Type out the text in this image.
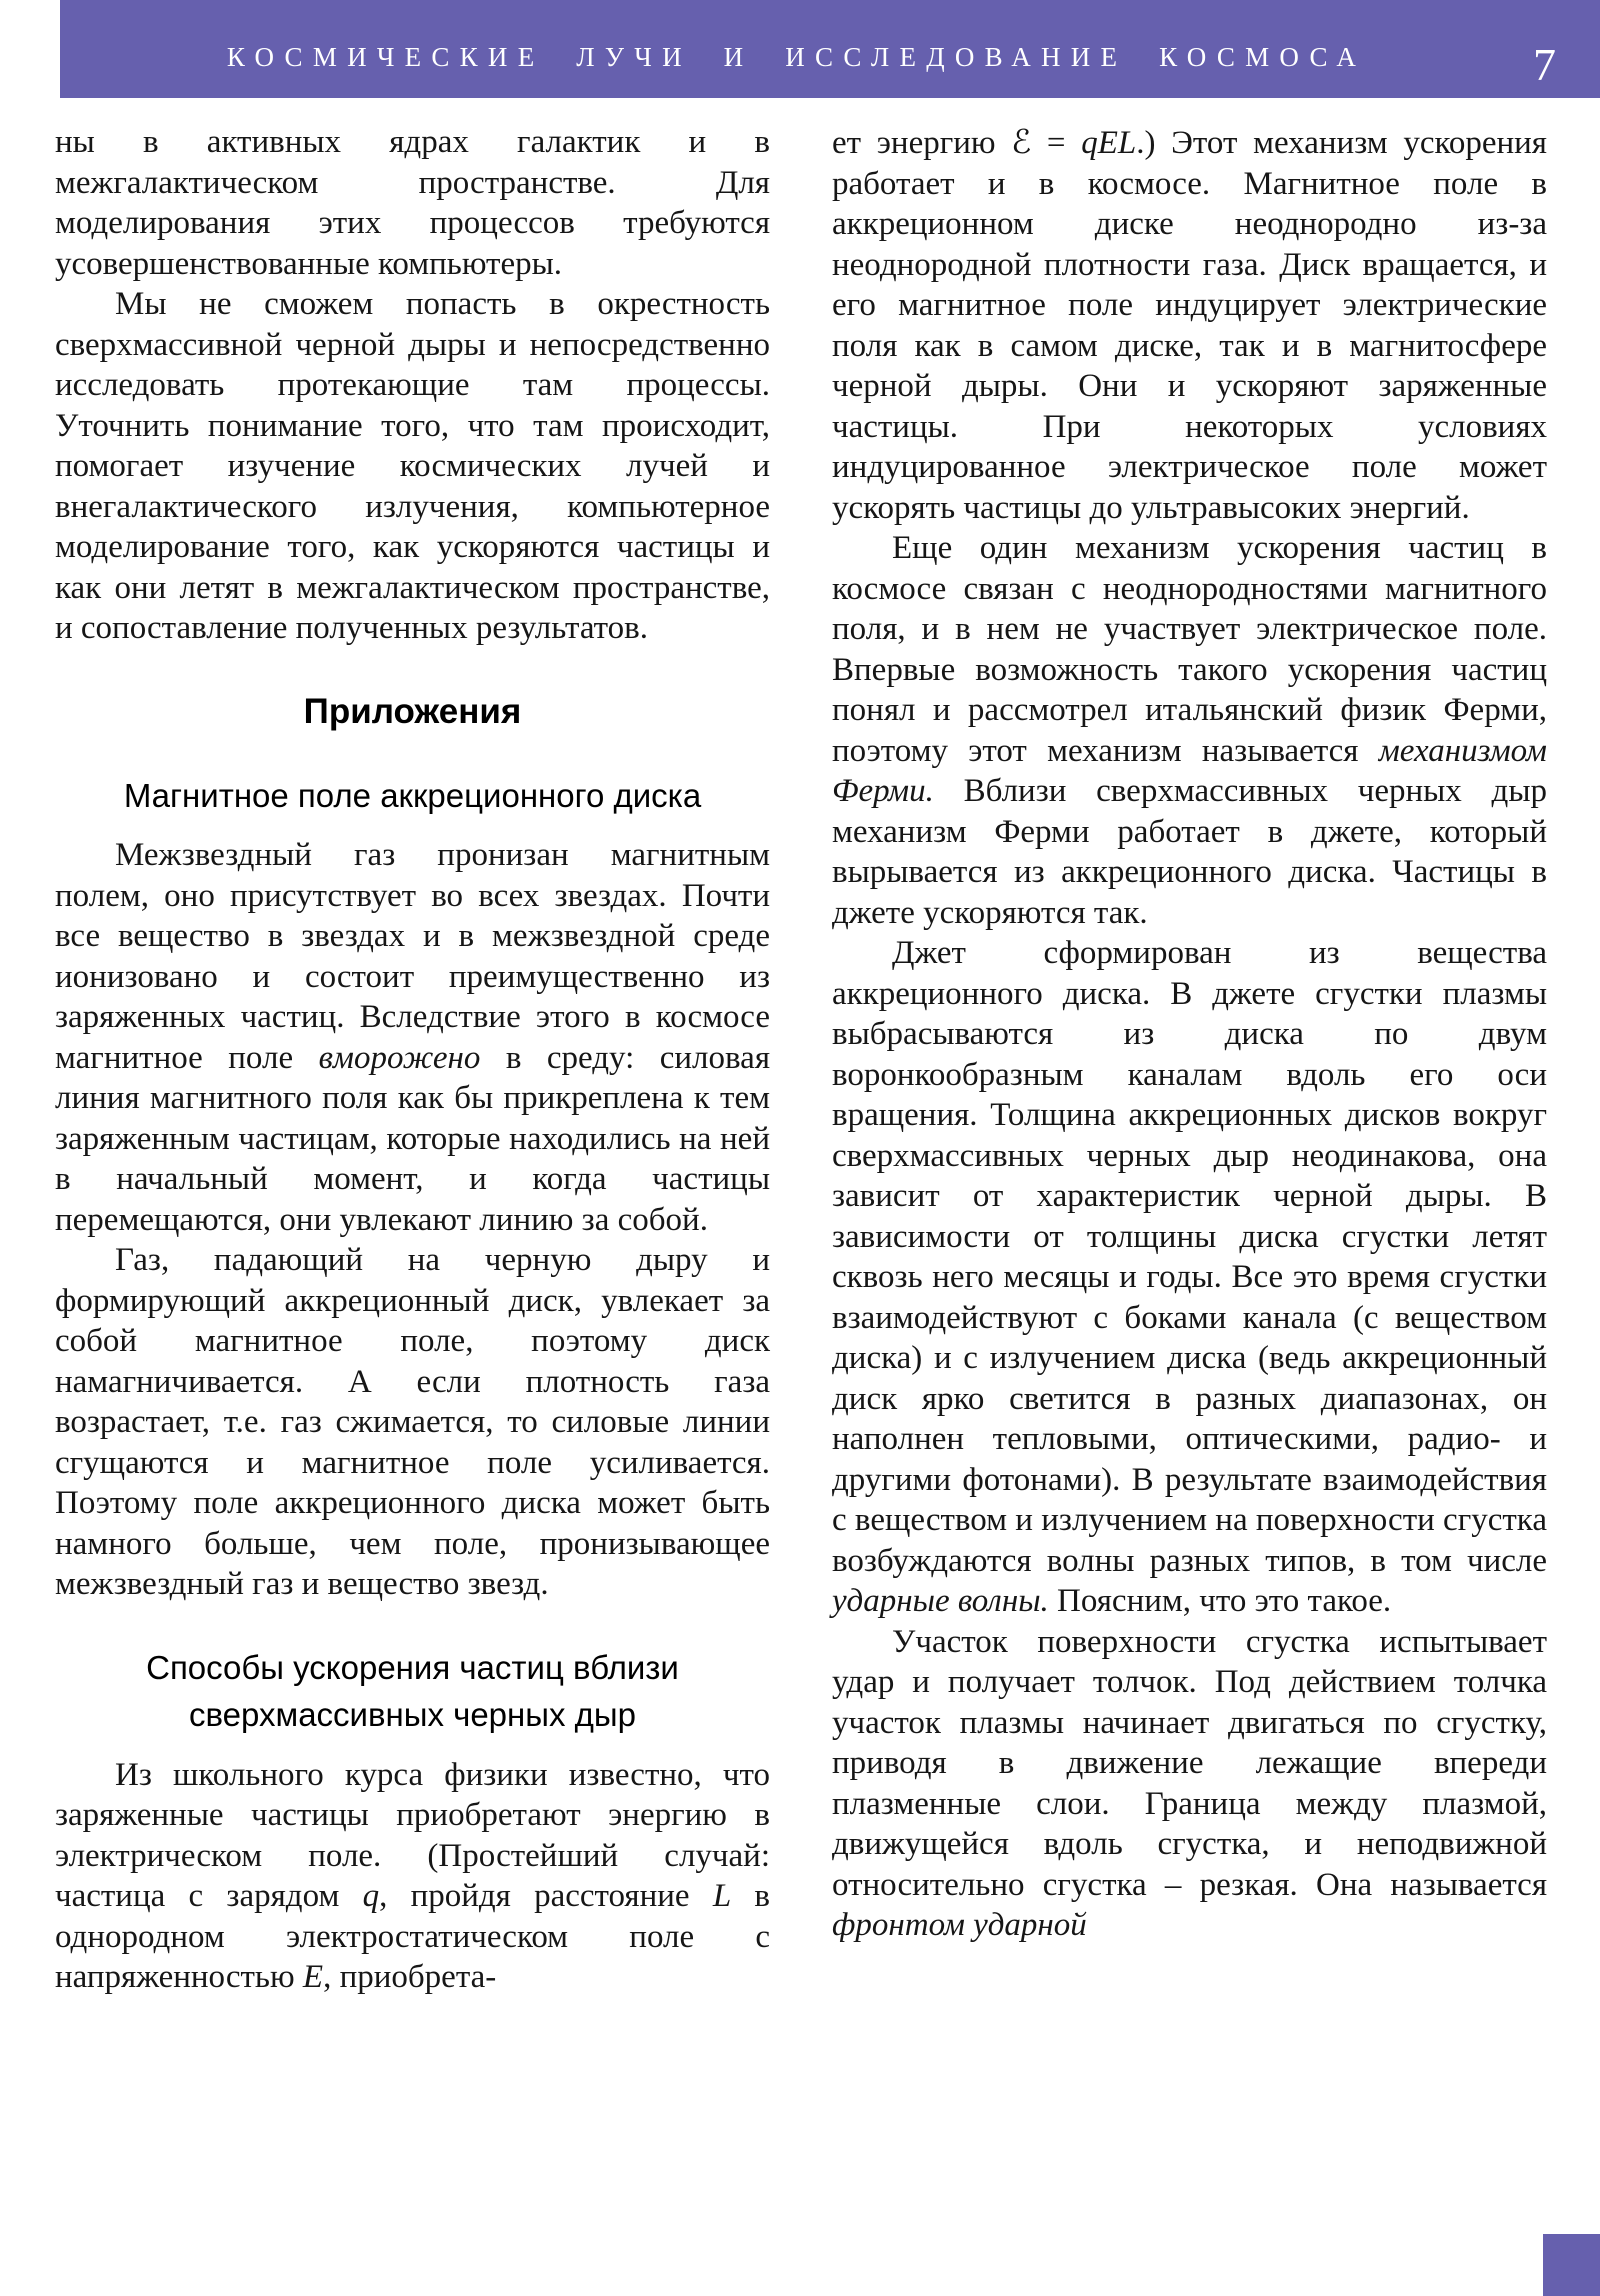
КОСМИЧЕСКИЕ ЛУЧИ И ИССЛЕДОВАНИЕ КОСМОСА	7

ны в активных ядрах галактик и в межгалактическом пространстве. Для моделирования этих процессов требуются усовершенствованные компьютеры.

Мы не сможем попасть в окрестность сверхмассивной черной дыры и непосредственно исследовать протекающие там процессы. Уточнить понимание того, что там происходит, помогает изучение космических лучей и внегалактического излучения, компьютерное моделирование того, как ускоряются частицы и как они летят в межгалактическом пространстве, и сопоставление полученных результатов.

Приложения
Магнитное поле аккреционного диска

Межзвездный газ пронизан магнитным полем, оно присутствует во всех звездах. Почти все вещество в звездах и в межзвездной среде ионизовано и состоит преимущественно из заряженных частиц. Вследствие этого в космосе магнитное поле вморожено в среду: силовая линия магнитного поля как бы прикреплена к тем заряженным частицам, которые находились на ней в начальный момент, и когда частицы перемещаются, они увлекают линию за собой.

Газ, падающий на черную дыру и формирующий аккреционный диск, увлекает за собой магнитное поле, поэтому диск намагничивается. А если плотность газа возрастает, т.е. газ сжимается, то силовые линии сгущаются и магнитное поле усиливается. Поэтому поле аккреционного диска может быть намного больше, чем поле, пронизывающее межзвездный газ и вещество звезд.

Способы ускорения частиц вблизи сверхмассивных черных дыр

Из школьного курса физики известно, что заряженные частицы приобретают энергию в электрическом поле. (Простейший случай: частица с зарядом q, пройдя расстояние L в однородном электростатическом поле с напряженностью E, приобрета-

ет энергию ℰ = qEL.) Этот механизм ускорения работает и в космосе. Магнитное поле в аккреционном диске неоднородно из-за неоднородной плотности газа. Диск вращается, и его магнитное поле индуцирует электрические поля как в самом диске, так и в магнитосфере черной дыры. Они и ускоряют заряженные частицы. При некоторых условиях индуцированное электрическое поле может ускорять частицы до ультравысоких энергий.

Еще один механизм ускорения частиц в космосе связан с неоднородностями магнитного поля, и в нем не участвует электрическое поле. Впервые возможность такого ускорения частиц понял и рассмотрел итальянский физик Ферми, поэтому этот механизм называется механизмом Ферми. Вблизи сверхмассивных черных дыр механизм Ферми работает в джете, который вырывается из аккреционного диска. Частицы в джете ускоряются так.

Джет сформирован из вещества аккреционного диска. В джете сгустки плазмы выбрасываются из диска по двум воронкообразным каналам вдоль его оси вращения. Толщина аккреционных дисков вокруг сверхмассивных черных дыр неодинакова, она зависит от характеристик черной дыры. В зависимости от толщины диска сгустки летят сквозь него месяцы и годы. Все это время сгустки взаимодействуют с боками канала (с веществом диска) и с излучением диска (ведь аккреционный диск ярко светится в разных диапазонах, он наполнен тепловыми, оптическими, радио- и другими фотонами). В результате взаимодействия с веществом и излучением на поверхности сгустка возбуждаются волны разных типов, в том числе ударные волны. Поясним, что это такое.

Участок поверхности сгустка испытывает удар и получает толчок. Под действием толчка участок плазмы начинает двигаться по сгустку, приводя в движение лежащие впереди плазменные слои. Граница между плазмой, движущейся вдоль сгустка, и неподвижной относительно сгустка – резкая. Она называется фронтом ударной
